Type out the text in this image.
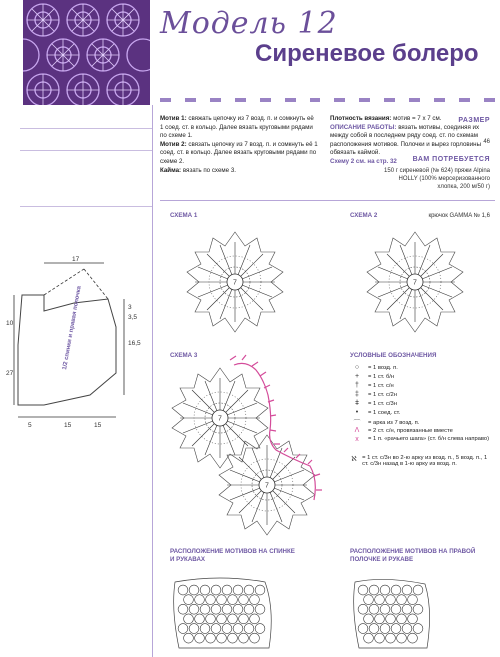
Модель 12
Сиреневое болеро
РАЗМЕР
46
ВАМ ПОТРЕБУЕТСЯ
150 г сиреневой (№ 624) пряжи Alpina HOLLY (100% мерсеризованного хлопка, 200 м/50 г)
крючок GAMMA № 1,6
17
3
3,5
10
16,5
27
5	15	15
1/2 спинки и правая полочка
Мотив 1: свяжать цепочку из 7 возд. п. и сомкнуть её 1 соед. ст. в кольцо. Далее вязать круговыми рядами по схеме 1.
Мотив 2: связать цепочку из 7 возд. п. и сомкнуть её 1 соед. ст. в кольцо. Далее вязать круговыми рядами по схеме 2.
Кайма: вязать по схеме 3.
Плотность вязания: мотив = 7 х 7 см.
ОПИСАНИЕ РАБОТЫ: вязать мотивы, соединяя их между собой в последнем ряду соед. ст. по схемам расположения мотивов. Полочки и вырез горловины обвязать каймой.
Схему 2 см. на стр. 32
СХЕМА 1	СХЕМА 2
СХЕМА 3
7	7
7
7
УСЛОВНЫЕ ОБОЗНАЧЕНИЯ
○	= 1 возд. п.
+	= 1 ст. б/н
†	= 1 ст. с/н
‡	= 1 ст. с/2н
ǂ	= 1 ст. с/3н
•	= 1 соед. ст.
⌒	= арка из 7 возд. п.
Λ	= 2 ст. с/н, провязанные вместе
x	= 1 п. «рачьего шага» (ст. б/н слева направо)
ℵ = 1 ст. с/3н во 2-ю арку из возд. п., 5 возд. п., 1 ст. с/3н назад в 1-ю арку из возд. п.
РАСПОЛОЖЕНИЕ МОТИВОВ НА СПИНКЕ И РУКАВАХ
РАСПОЛОЖЕНИЕ МОТИВОВ НА ПРАВОЙ ПОЛОЧКЕ И РУКАВЕ
